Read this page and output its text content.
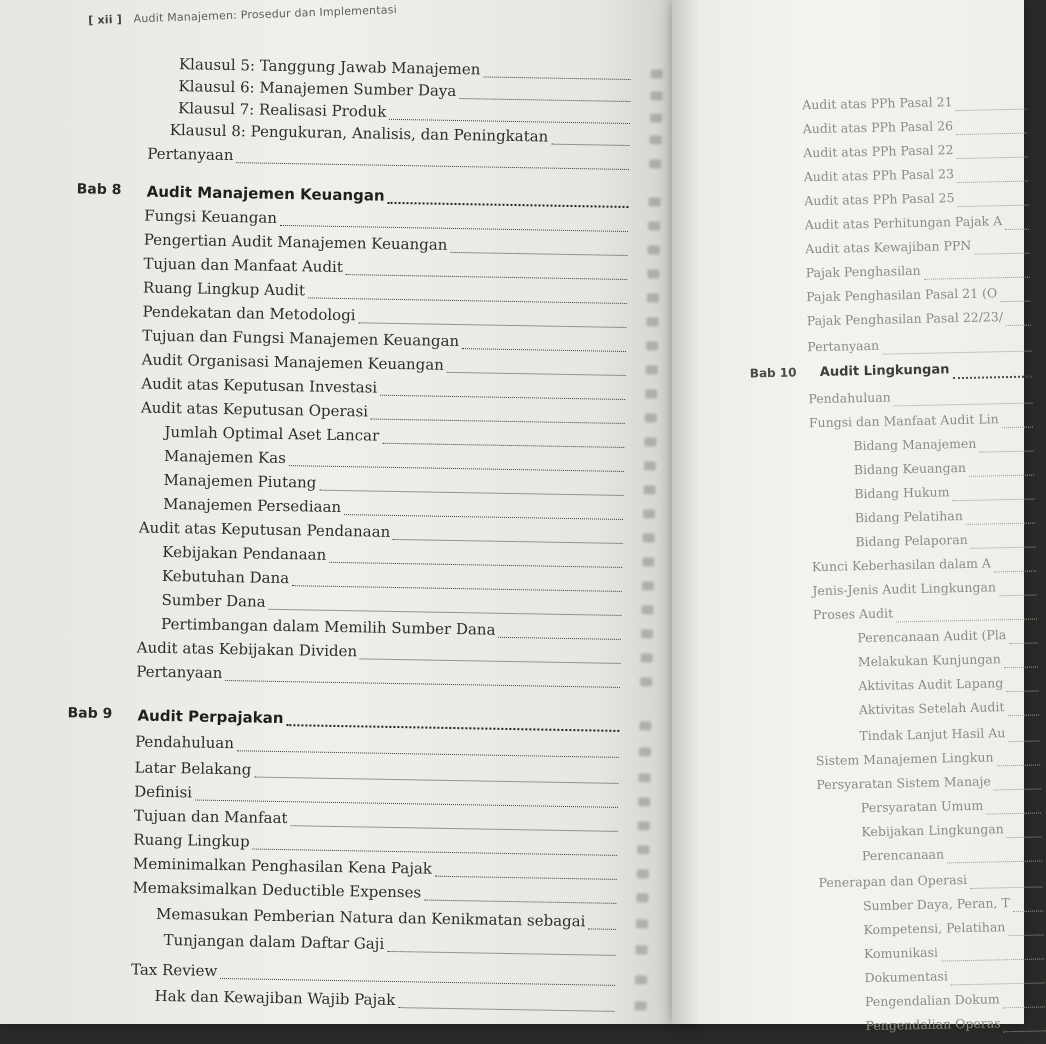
[ xii ] Audit Manajemen: Prosedur dan Implementasi
Klausul 5: Tanggung Jawab Manajemen
Klausul 6: Manajemen Sumber Daya
Klausul 7: Realisasi Produk
Klausul 8: Pengukuran, Analisis, dan Peningkatan
Pertanyaan
Bab 8 Audit Manajemen Keuangan
Fungsi Keuangan
Pengertian Audit Manajemen Keuangan
Tujuan dan Manfaat Audit
Ruang Lingkup Audit
Pendekatan dan Metodologi
Tujuan dan Fungsi Manajemen Keuangan
Audit Organisasi Manajemen Keuangan
Audit atas Keputusan Investasi
Audit atas Keputusan Operasi
Jumlah Optimal Aset Lancar
Manajemen Kas
Manajemen Piutang
Manajemen Persediaan
Audit atas Keputusan Pendanaan
Kebijakan Pendanaan
Kebutuhan Dana
Sumber Dana
Pertimbangan dalam Memilih Sumber Dana
Audit atas Kebijakan Dividen
Pertanyaan
Bab 9 Audit Perpajakan
Pendahuluan
Latar Belakang
Definisi
Tujuan dan Manfaat
Ruang Lingkup
Meminimalkan Penghasilan Kena Pajak
Memaksimalkan Deductible Expenses
Memasukan Pemberian Natura dan Kenikmatan sebagai
Tunjangan dalam Daftar Gaji
Tax Review
Hak dan Kewajiban Wajib Pajak
Audit atas PPh Pasal 21
Audit atas PPh Pasal 26
Audit atas PPh Pasal 22
Audit atas PPh Pasal 23
Audit atas PPh Pasal 25
Audit atas Perhitungan Pajak A
Audit atas Kewajiban PPN
Pajak Penghasilan
Pajak Penghasilan Pasal 21 (O
Pajak Penghasilan Pasal 22/23/
Pertanyaan
Bab 10 Audit Lingkungan
Pendahuluan
Fungsi dan Manfaat Audit Lin
Bidang Manajemen
Bidang Keuangan
Bidang Hukum
Bidang Pelatihan
Bidang Pelaporan
Kunci Keberhasilan dalam A
Jenis-Jenis Audit Lingkungan
Proses Audit
Perencanaan Audit (Pla
Melakukan Kunjungan
Aktivitas Audit Lapang
Aktivitas Setelah Audit
Tindak Lanjut Hasil Au
Sistem Manajemen Lingkun
Persyaratan Sistem Manaje
Persyaratan Umum
Kebijakan Lingkungan
Perencanaan
Penerapan dan Operasi
Sumber Daya, Peran, T
Kompetensi, Pelatihan
Komunikasi
Dokumentasi
Pengendalian Dokum
Pengendalian Operas
